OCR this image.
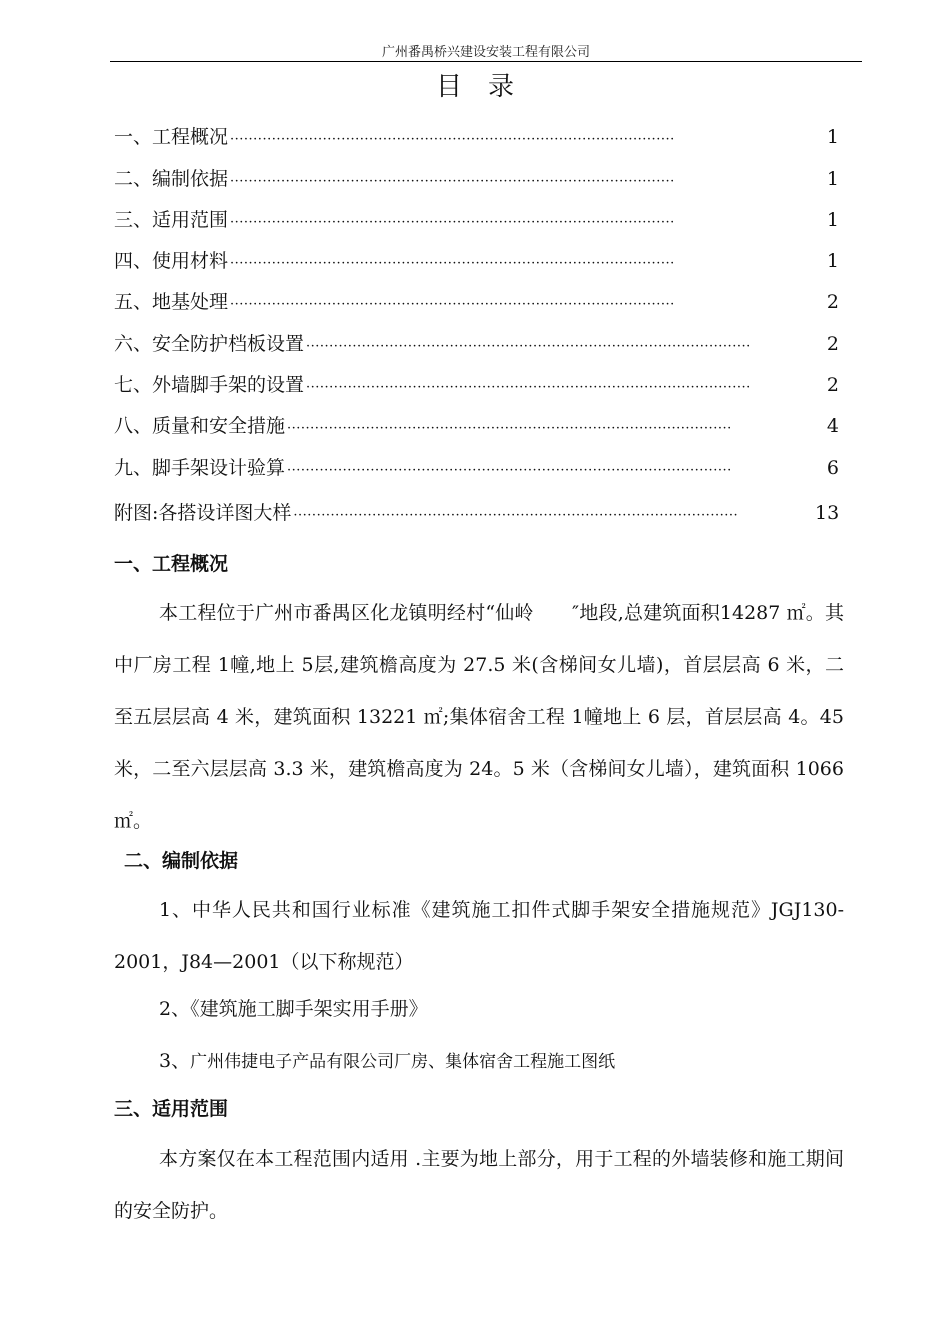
广州番禺桥兴建设安装工程有限公司
目录
一、工程概况 ································································································	1
二、编制依据 ································································································	1
三、适用范围 ································································································	1
四、使用材料 ································································································	1
五、地基处理 ································································································	2
六、安全防护档板设置 ································································································	2
七、外墙脚手架的设置 ································································································	2
八、质量和安全措施 ································································································	4
九、脚手架设计验算 ································································································	6
附图:各搭设详图大样 ································································································	13
一、工程概况
本工程位于广州市番禺区化龙镇明经村“仙岭　　″地段,总建筑面积14287 ㎡。其中厂房工程 1幢,地上 5层,建筑檐高度为 27.5 米(含梯间女儿墙)，首层层高 6 米，二至五层层高 4 米，建筑面积 13221 ㎡;集体宿舍工程 1幢地上 6 层，首层层高 4。45 米，二至六层层高 3.3 米，建筑檐高度为 24。5 米（含梯间女儿墙），建筑面积 1066 ㎡。
二、编制依据
1、中华人民共和国行业标准《建筑施工扣件式脚手架安全措施规范》JGJ130-2001，J84—2001（以下称规范）
2、《建筑施工脚手架实用手册》
3、广州伟捷电子产品有限公司厂房、集体宿舍工程施工图纸
三、适用范围
本方案仅在本工程范围内适用 .主要为地上部分，用于工程的外墙装修和施工期间的安全防护。
